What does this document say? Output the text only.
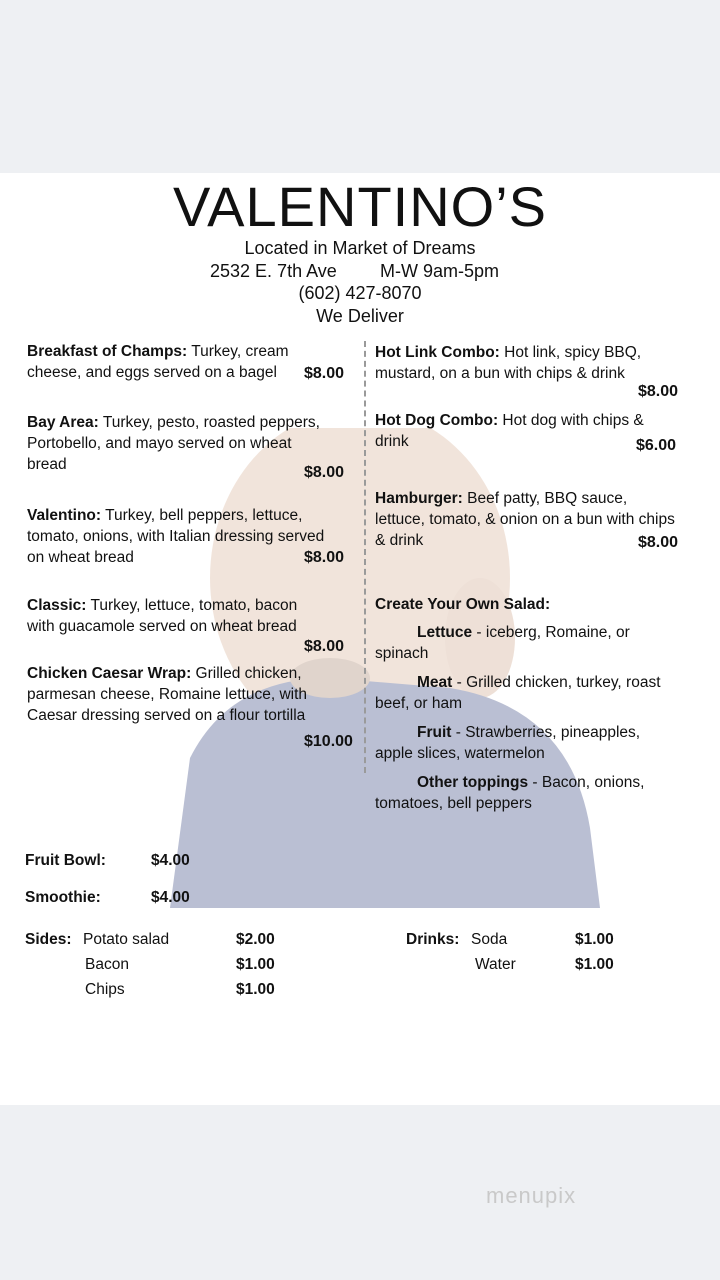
VALENTINO’S
Located in Market of Dreams
2532 E. 7th Ave M-W 9am-5pm
(602) 427-8070
We Deliver
Breakfast of Champs: Turkey, cream
cheese, and eggs served on a bagel	$8.00
Bay Area: Turkey, pesto, roasted peppers,
Portobello, and mayo served on wheat
bread	$8.00
Valentino: Turkey, bell peppers, lettuce,
tomato, onions, with Italian dressing served
on wheat bread	$8.00
Classic: Turkey, lettuce, tomato, bacon
with guacamole served on wheat bread
$8.00
Chicken Caesar Wrap: Grilled chicken,
parmesan cheese, Romaine lettuce, with
Caesar dressing served on a flour tortilla
$10.00
Hot Link Combo: Hot link, spicy BBQ,
mustard, on a bun with chips & drink
$8.00
Hot Dog Combo: Hot dog with chips &
drink	$6.00
Hamburger: Beef patty, BBQ sauce,
lettuce, tomato, & onion on a bun with chips
& drink	$8.00
Create Your Own Salad:
Lettuce - iceberg, Romaine, or
spinach
Meat - Grilled chicken, turkey, roast
beef, or ham
Fruit - Strawberries, pineapples,
apple slices, watermelon
Other toppings - Bacon, onions,
tomatoes, bell peppers
Fruit Bowl:	$4.00
Smoothie:	$4.00
Sides: Potato salad	$2.00
Bacon	$1.00
Chips	$1.00
Drinks: Soda	$1.00
Water	$1.00
menupix
